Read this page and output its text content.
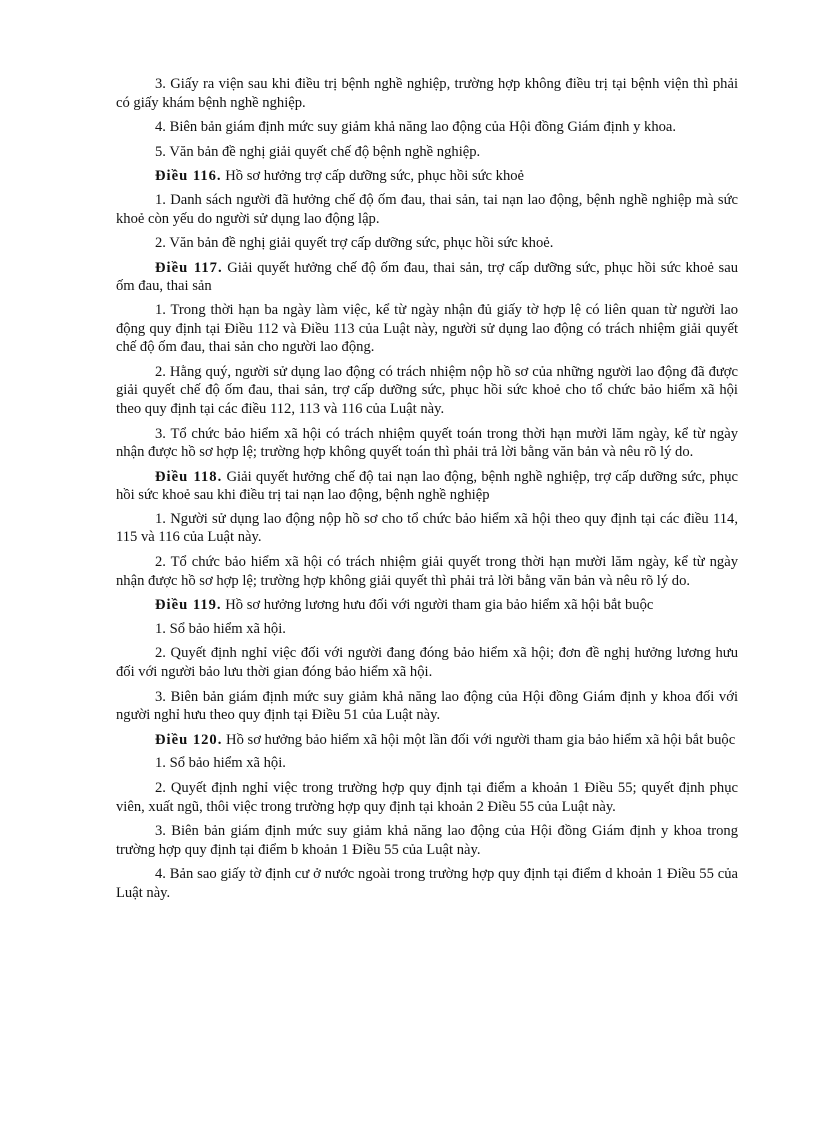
3. Giấy ra viện sau khi điều trị bệnh nghề nghiệp, trường hợp không điều trị tại bệnh viện thì phải có giấy khám bệnh nghề nghiệp.

4. Biên bản giám định mức suy giảm khả năng lao động của Hội đồng Giám định y khoa.

5. Văn bản đề nghị giải quyết chế độ bệnh nghề nghiệp.

Điều 116. Hồ sơ hưởng trợ cấp dưỡng sức, phục hồi sức khoẻ

1. Danh sách người đã hưởng chế độ ốm đau, thai sản, tai nạn lao động, bệnh nghề nghiệp mà sức khoẻ còn yếu do người sử dụng lao động lập.

2. Văn bản đề nghị giải quyết trợ cấp dưỡng sức, phục hồi sức khoẻ.

Điều 117. Giải quyết hưởng chế độ ốm đau, thai sản, trợ cấp dưỡng sức, phục hồi sức khoẻ sau ốm đau, thai sản

1. Trong thời hạn ba ngày làm việc, kể từ ngày nhận đủ giấy tờ hợp lệ có liên quan từ người lao động quy định tại Điều 112 và Điều 113 của Luật này, người sử dụng lao động có trách nhiệm giải quyết chế độ ốm đau, thai sản cho người lao động.

2. Hằng quý, người sử dụng lao động có trách nhiệm nộp hồ sơ của những người lao động đã được giải quyết chế độ ốm đau, thai sản, trợ cấp dưỡng sức, phục hồi sức khoẻ cho tổ chức bảo hiểm xã hội theo quy định tại các điều 112, 113 và 116 của Luật này.

3. Tổ chức bảo hiểm xã hội có trách nhiệm quyết toán trong thời hạn mười lăm ngày, kể từ ngày nhận được hồ sơ hợp lệ; trường hợp không quyết toán thì phải trả lời bằng văn bản và nêu rõ lý do.

Điều 118. Giải quyết hưởng chế độ tai nạn lao động, bệnh nghề nghiệp, trợ cấp dưỡng sức, phục hồi sức khoẻ sau khi điều trị tai nạn lao động, bệnh nghề nghiệp

1. Người sử dụng lao động nộp hồ sơ cho tổ chức bảo hiểm xã hội theo quy định tại các điều 114, 115 và 116 của Luật này.

2. Tổ chức bảo hiểm xã hội có trách nhiệm giải quyết trong thời hạn mười lăm ngày, kể từ ngày nhận được hồ sơ hợp lệ; trường hợp không giải quyết thì phải trả lời bằng văn bản và nêu rõ lý do.

Điều 119. Hồ sơ hưởng lương hưu đối với người tham gia bảo hiểm xã hội bắt buộc

1. Sổ bảo hiểm xã hội.

2. Quyết định nghỉ việc đối với người đang đóng bảo hiểm xã hội; đơn đề nghị hưởng lương hưu đối với người bảo lưu thời gian đóng bảo hiểm xã hội.

3. Biên bản giám định mức suy giảm khả năng lao động của Hội đồng Giám định y khoa đối với người nghỉ hưu theo quy định tại Điều 51 của Luật này.

Điều 120. Hồ sơ hưởng bảo hiểm xã hội một lần đối với người tham gia bảo hiểm xã hội bắt buộc

1. Sổ bảo hiểm xã hội.

2. Quyết định nghỉ việc trong trường hợp quy định tại điểm a khoản 1 Điều 55; quyết định phục viên, xuất ngũ, thôi việc trong trường hợp quy định tại khoản 2 Điều 55 của Luật này.

3. Biên bản giám định mức suy giảm khả năng lao động của Hội đồng Giám định y khoa trong trường hợp quy định tại điểm b khoản 1 Điều 55 của Luật này.

4. Bản sao giấy tờ định cư ở nước ngoài trong trường hợp quy định tại điểm d khoản 1 Điều 55 của Luật này.
